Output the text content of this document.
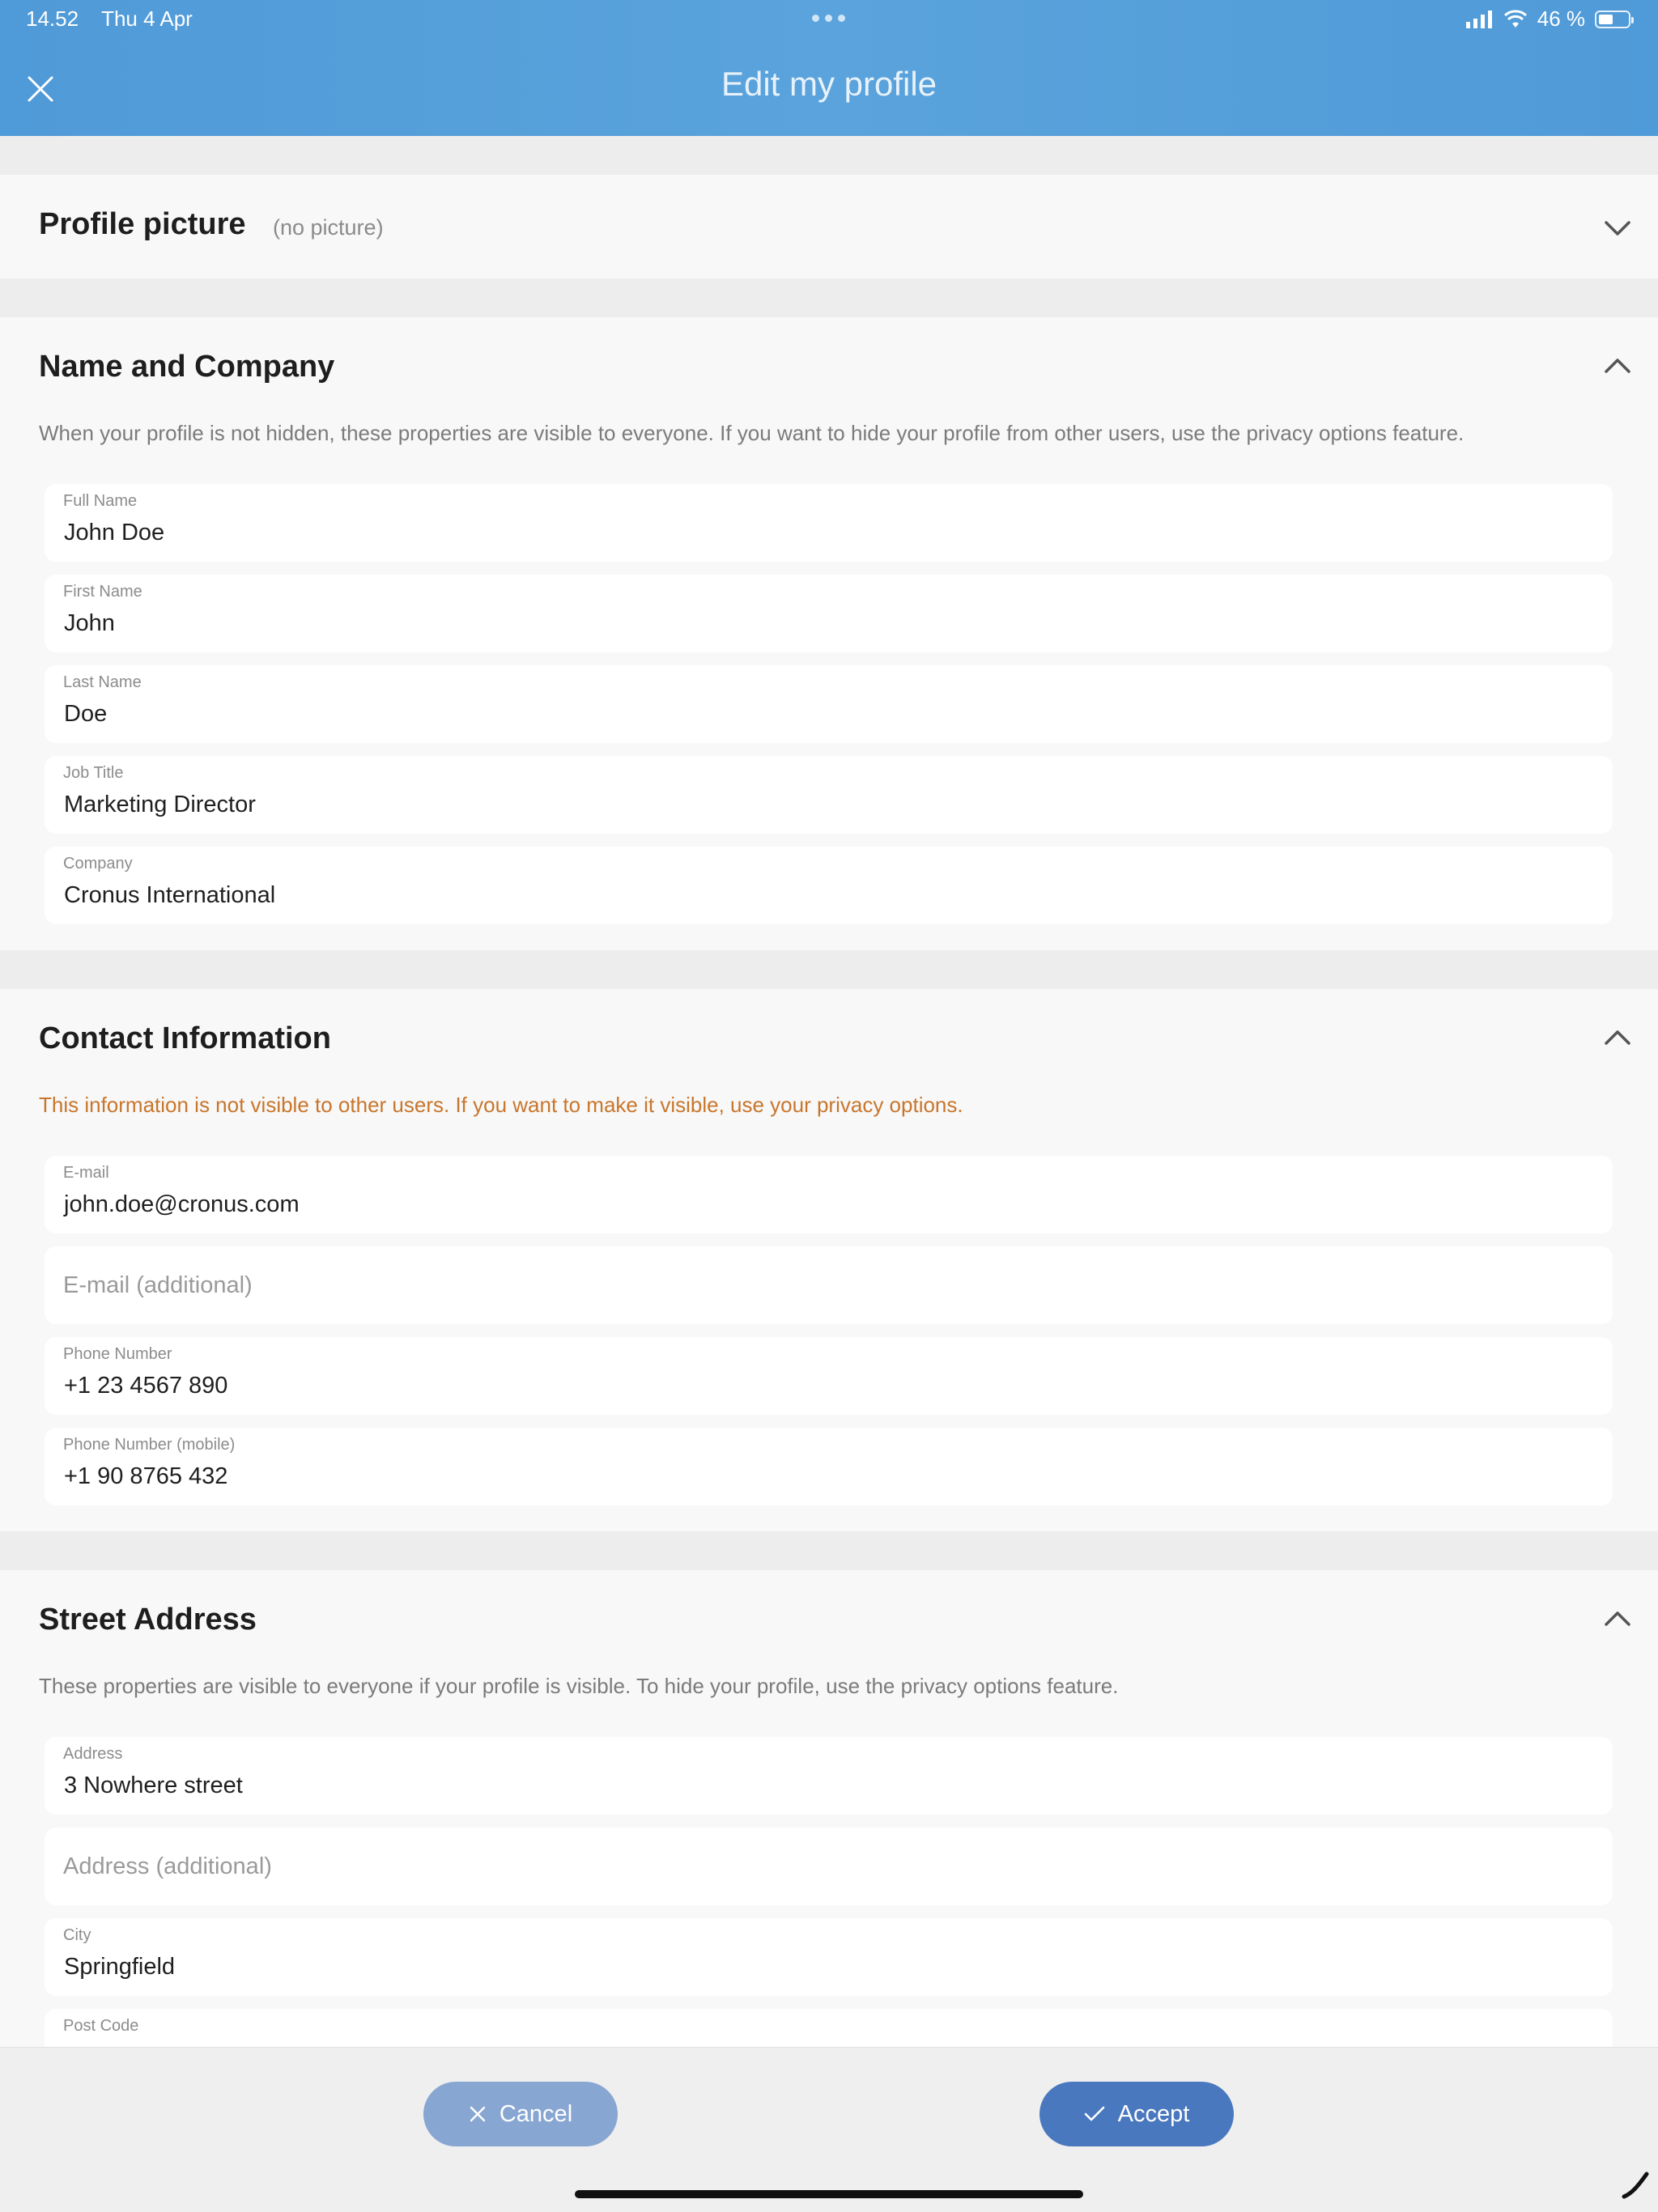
14.52 Thu 4 Apr	46 %
Edit my profile
Profile picture (no picture)
Name and Company
When your profile is not hidden, these properties are visible to everyone. If you want to hide your profile from other users, use the privacy options feature.
Full Name
John Doe
First Name
John
Last Name
Doe
Job Title
Marketing Director
Company
Cronus International
Contact Information
This information is not visible to other users. If you want to make it visible, use your privacy options.
E-mail
john.doe@cronus.com
E-mail (additional)
Phone Number
+1 23 4567 890
Phone Number (mobile)
+1 90 8765 432
Street Address
These properties are visible to everyone if your profile is visible. To hide your profile, use the privacy options feature.
Address
3 Nowhere street
Address (additional)
City
Springfield
Post Code
Cancel	Accept
